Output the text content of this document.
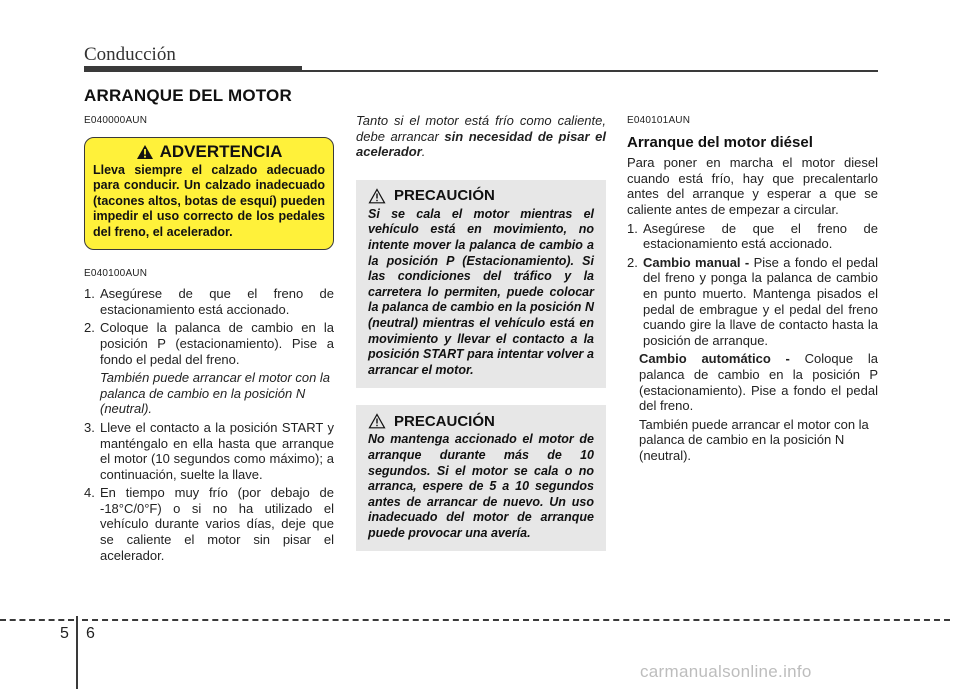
Conducción
ARRANQUE DEL MOTOR
E040000AUN
ADVERTENCIA
Lleva siempre el calzado adecuado para conducir. Un calzado inadecuado (tacones altos, botas de esquí) pueden impedir el uso correcto de los pedales del freno, el acelerador.
E040100AUN
1. Asegúrese de que el freno de estacionamiento está accionado.
2. Coloque la palanca de cambio en la posición P (estacionamiento). Pise a fondo el pedal del freno.

También puede arrancar el motor con la palanca de cambio en la posición N (neutral).

3. Lleve el contacto a la posición START y manténgalo en ella hasta que arranque el motor (10 segundos como máximo); a continuación, suelte la llave.
4. En tiempo muy frío (por debajo de -18°C/0°F) o si no ha utilizado el vehículo durante varios días, deje que se caliente el motor sin pisar el acelerador.

Tanto si el motor está frío como caliente, debe arrancar sin necesidad de pisar el acelerador.

PRECAUCIÓN
Si se cala el motor mientras el vehículo está en movimiento, no intente mover la palanca de cambio a la posición P (Estacionamiento). Si las condiciones del tráfico y la carretera lo permiten, puede colocar la palanca de cambio en la posición N (neutral) mientras el vehículo está en movimiento y llevar el contacto a la posición START para intentar volver a arrancar el motor.
PRECAUCIÓN
No mantenga accionado el motor de arranque durante más de 10 segundos. Si el motor se cala o no arranca, espere de 5 a 10 segundos antes de arrancar de nuevo. Un uso inadecuado del motor de arranque puede provocar una avería.
E040101AUN
Arranque del motor diésel

Para poner en marcha el motor diesel cuando está frío, hay que precalentarlo antes del arranque y esperar a que se caliente antes de empezar a circular.

1. Asegúrese de que el freno de estacionamiento está accionado.
2. Cambio manual - Pise a fondo el pedal del freno y ponga la palanca de cambio en punto muerto. Mantenga pisados el pedal de embrague y el pedal del freno cuando gire la llave de contacto hasta la posición de arranque.

Cambio automático - Coloque la palanca de cambio en la posición P (estacionamiento). Pise a fondo el pedal del freno.

También puede arrancar el motor con la palanca de cambio en la posición N (neutral).

5 6
carmanualsonline.info
